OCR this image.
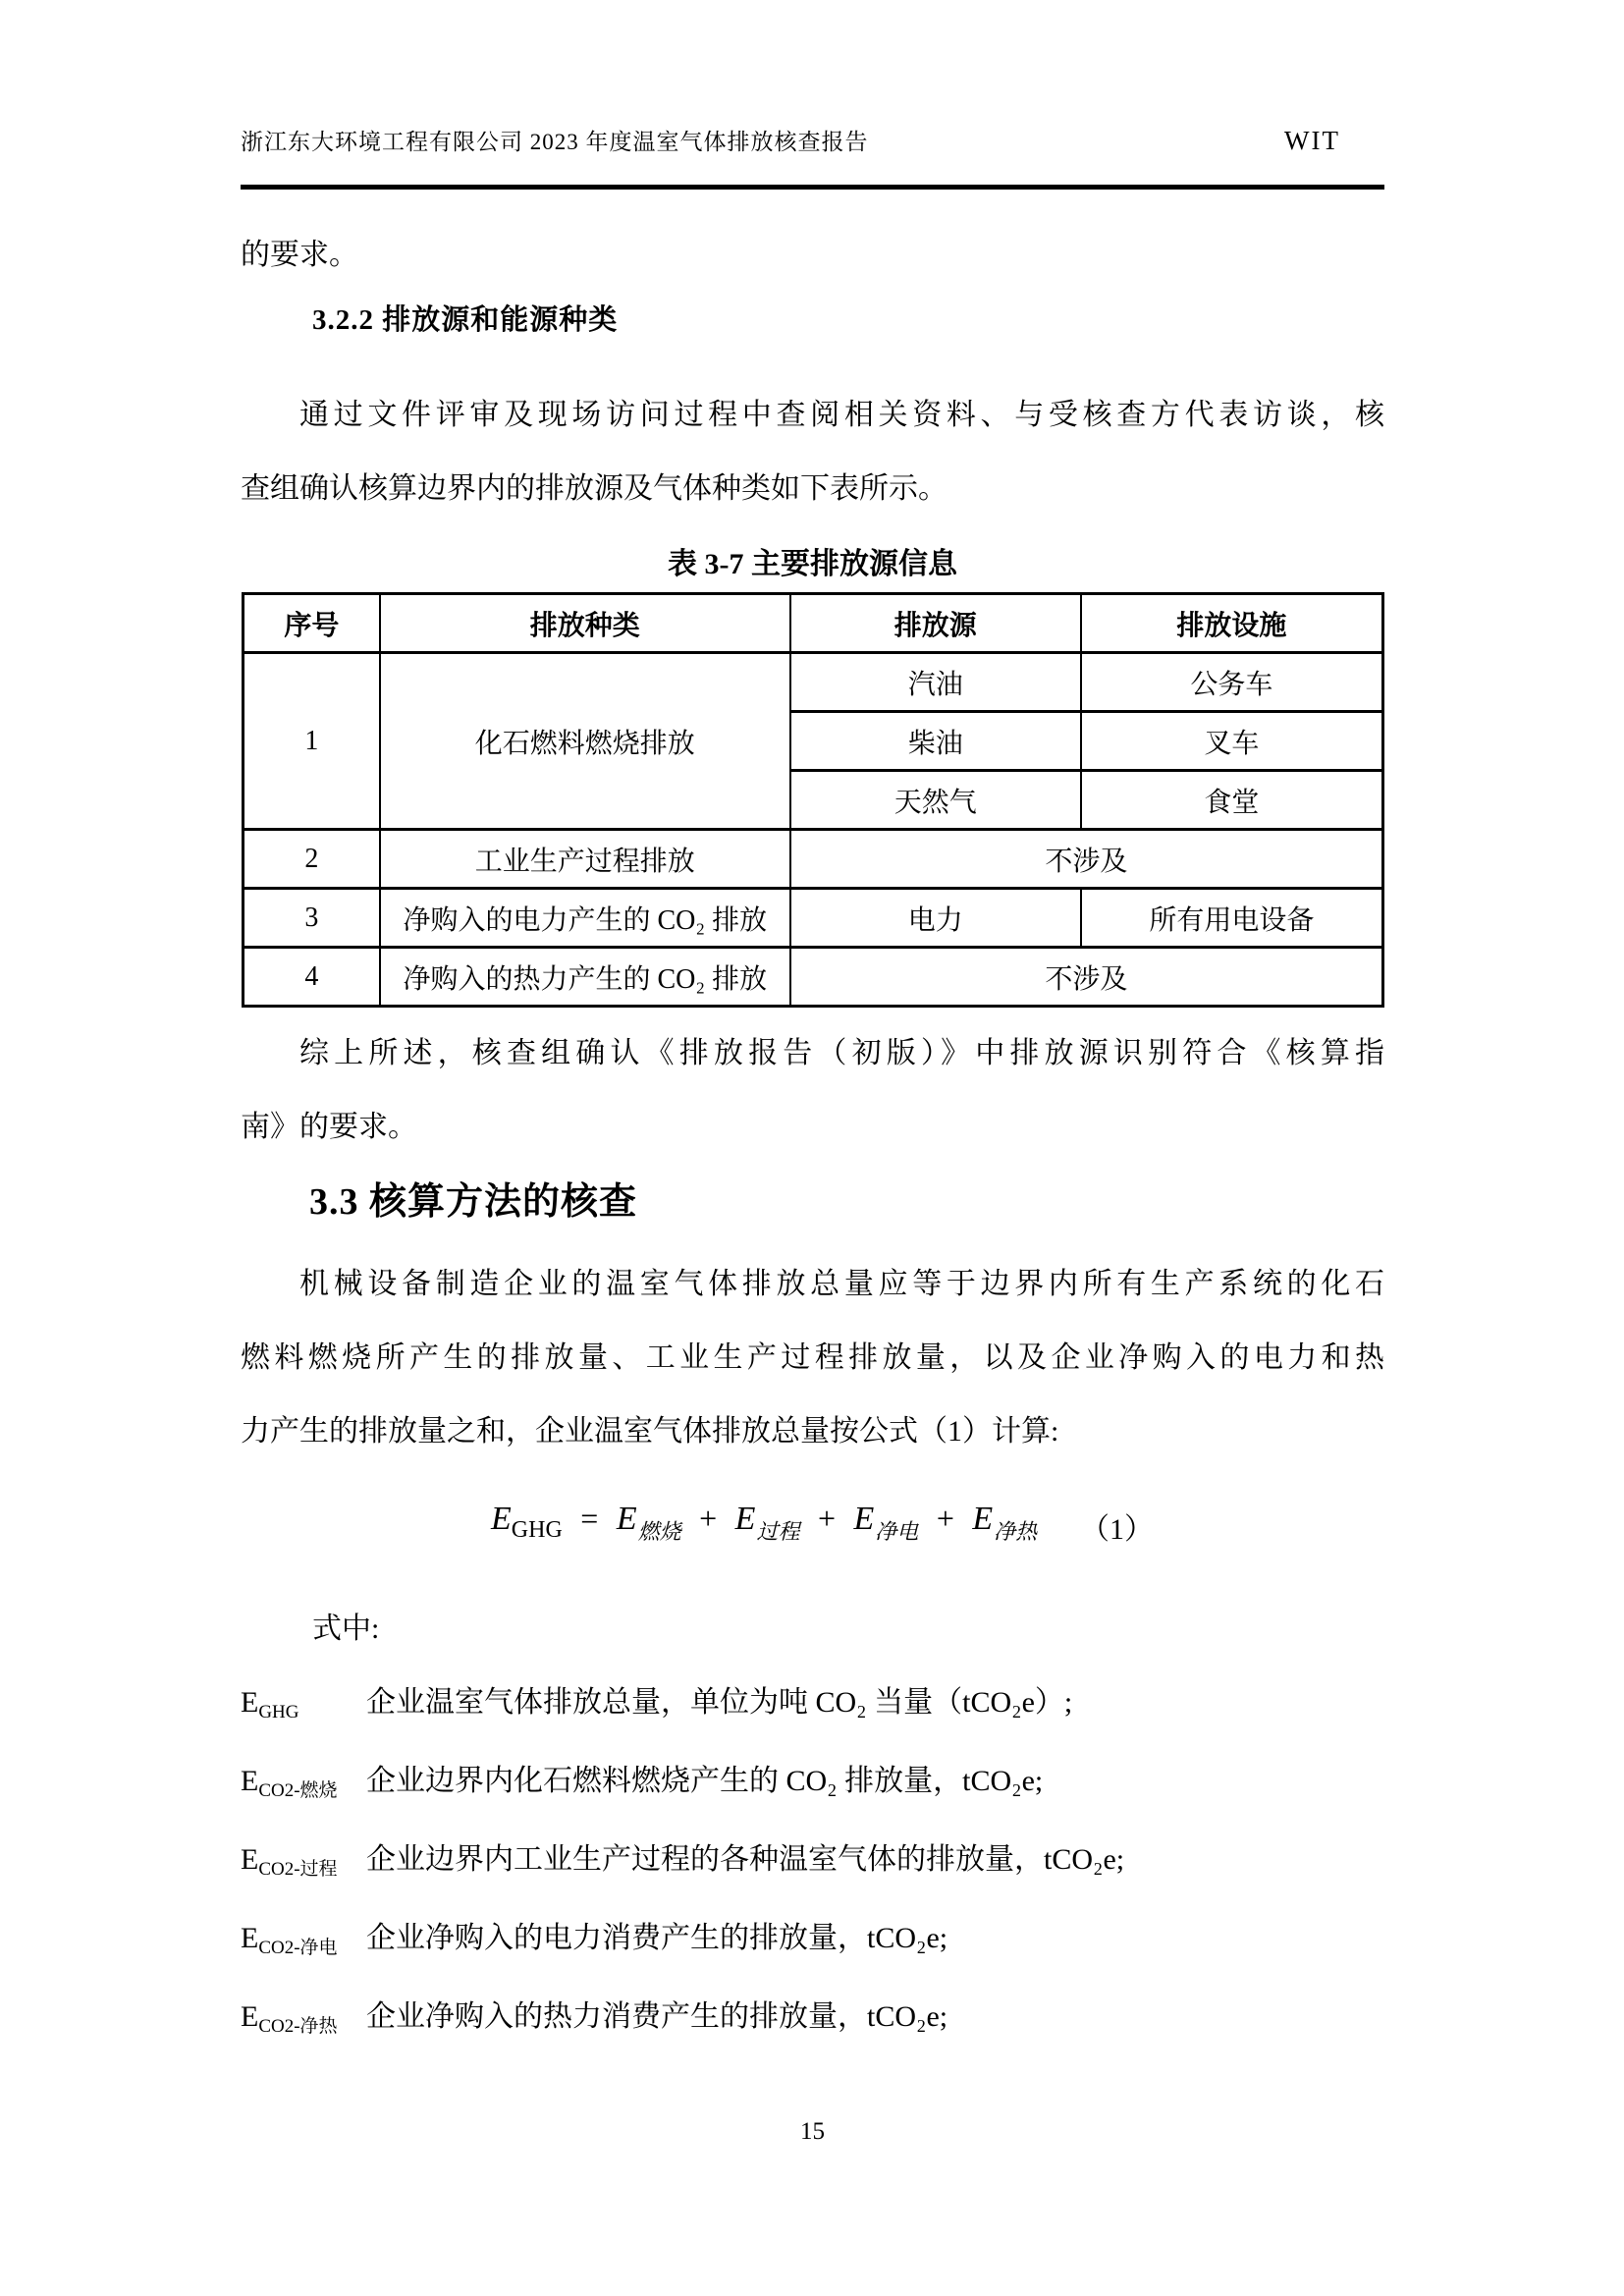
浙江东大环境工程有限公司 2023 年度温室气体排放核查报告	WIT
的要求。
3.2.2 排放源和能源种类
通过文件评审及现场访问过程中查阅相关资料、与受核查方代表访谈，核
查组确认核算边界内的排放源及气体种类如下表所示。
表 3-7 主要排放源信息
序号	排放种类	排放源	排放设施
1	化石燃料燃烧排放	汽油	公务车
		柴油	叉车
		天然气	食堂
2	工业生产过程排放	不涉及	
3	净购入的电力产生的 CO₂ 排放	电力	所有用电设备
4	净购入的热力产生的 CO₂ 排放	不涉及	
综上所述，核查组确认《排放报告（初版）》中排放源识别符合《核算指
南》的要求。
3.3 核算方法的核查
机械设备制造企业的温室气体排放总量应等于边界内所有生产系统的化石
燃料燃烧所产生的排放量、工业生产过程排放量，以及企业净购入的电力和热
力产生的排放量之和，企业温室气体排放总量按公式（1）计算:
$E_{GHG} = E_{燃烧} + E_{过程} + E_{净电} + E_{净热}$ （1）
式中:
$E_{GHG}$	企业温室气体排放总量，单位为吨 CO₂ 当量（tCO₂e）;
$E_{CO2-燃烧}$ 企业边界内化石燃料燃烧产生的 CO₂ 排放量，tCO₂e;
$E_{CO2-过程}$ 企业边界内工业生产过程的各种温室气体的排放量，tCO₂e;
$E_{CO2-净电}$ 企业净购入的电力消费产生的排放量，tCO₂e;
$E_{CO2-净热}$ 企业净购入的热力消费产生的排放量，tCO₂e;
15
